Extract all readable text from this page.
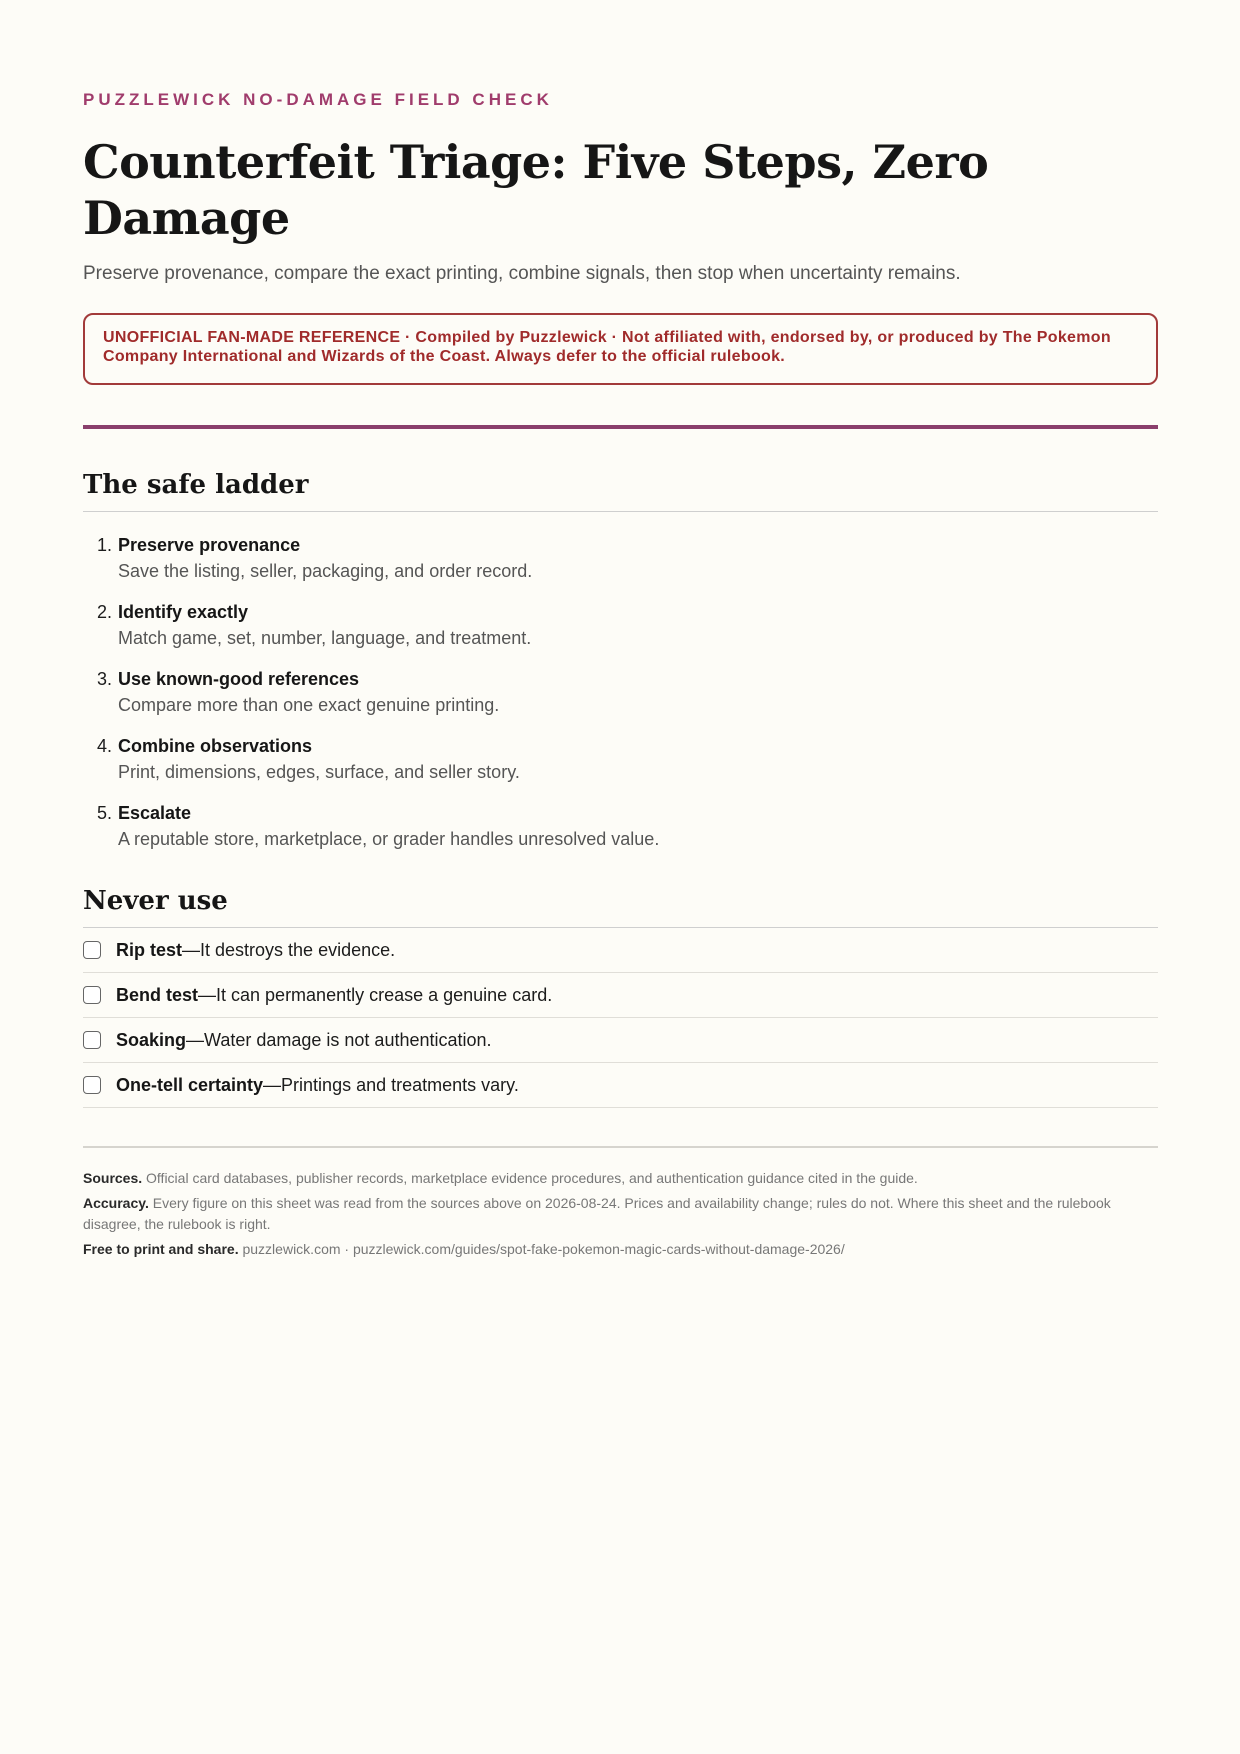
PUZZLEWICK NO-DAMAGE FIELD CHECK

Counterfeit Triage: Five Steps, Zero Damage

Preserve provenance, compare the exact printing, combine signals, then stop when uncertainty remains.

UNOFFICIAL FAN-MADE REFERENCE · Compiled by Puzzlewick · Not affiliated with, endorsed by, or produced by The Pokemon Company International and Wizards of the Coast. Always defer to the official rulebook.
The safe ladder
1. Preserve provenance
Save the listing, seller, packaging, and order record.
2. Identify exactly
Match game, set, number, language, and treatment.
3. Use known-good references
Compare more than one exact genuine printing.
4. Combine observations
Print, dimensions, edges, surface, and seller story.
5. Escalate
A reputable store, marketplace, or grader handles unresolved value.
Never use
Rip test — It destroys the evidence.
Bend test — It can permanently crease a genuine card.
Soaking — Water damage is not authentication.
One-tell certainty — Printings and treatments vary.

Sources. Official card databases, publisher records, marketplace evidence procedures, and authentication guidance cited in the guide.

Accuracy. Every figure on this sheet was read from the sources above on 2026-08-24. Prices and availability change; rules do not. Where this sheet and the rulebook disagree, the rulebook is right.

Free to print and share. puzzlewick.com · puzzlewick.com/guides/spot-fake-pokemon-magic-cards-without-damage-2026/
